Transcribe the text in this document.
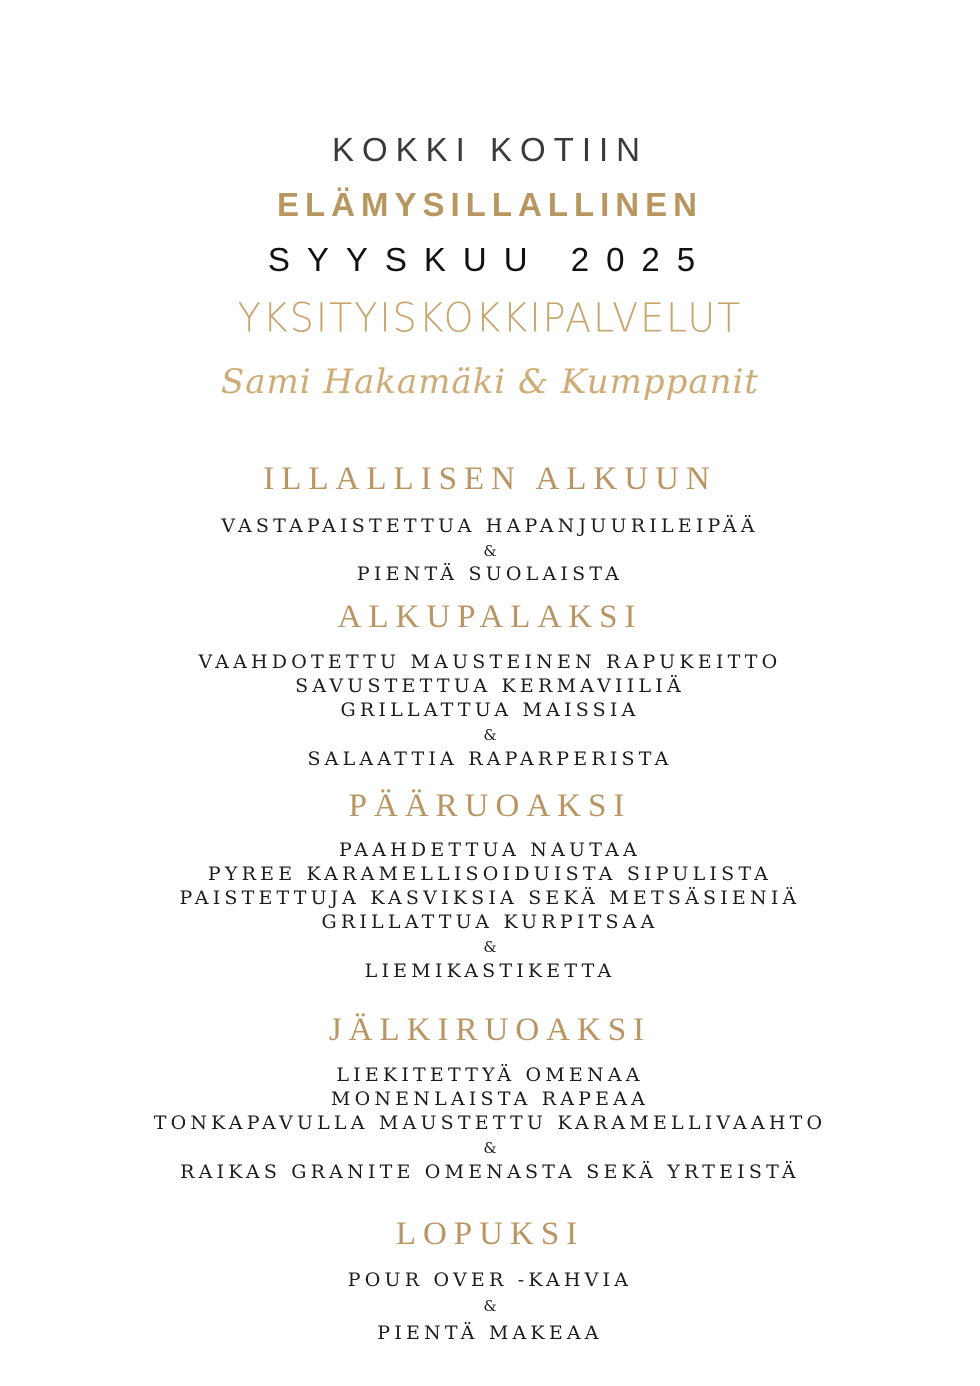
KOKKI KOTIIN
ELÄMYSILLALLINEN
SYYSKUU 2025
YKSITYISKOKKIPALVELUT
Sami Hakamäki & Kumppanit
ILLALLISEN ALKUUN
VASTAPAISTETTUA HAPANJUURILEIPÄÄ
&
PIENTÄ SUOLAISTA
ALKUPALAKSI
VAAHDOTETTU MAUSTEINEN RAPUKEITTO
SAVUSTETTUA KERMAVIILIÄ
GRILLATTUA MAISSIA
&
SALAATTIA RAPARPERISTA
PÄÄRUOAKSI
PAAHDETTUA NAUTAA
PYREE KARAMELLISOIDUISTA SIPULISTA
PAISTETTUJA KASVIKSIA SEKÄ METSÄSIENIÄ
GRILLATTUA KURPITSAA
&
LIEMIKASTIKETTA
JÄLKIRUOAKSI
LIEKITETTYÄ OMENAA
MONENLAISTA RAPEAA
TONKAPAVULLA MAUSTETTU KARAMELLIVAAHTO
&
RAIKAS GRANITE OMENASTA SEKÄ YRTEISTÄ
LOPUKSI
POUR OVER -KAHVIA
&
PIENTÄ MAKEAA
